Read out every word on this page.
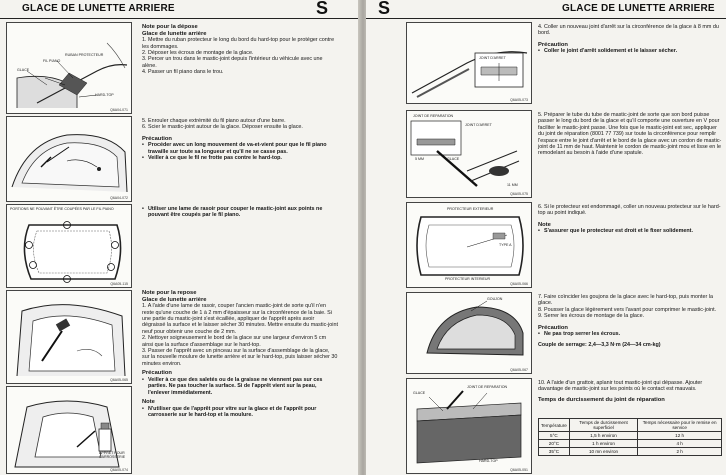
GLACE DE LUNETTE ARRIERE	S
RUBAN PROTECTEUR
FIL PIANO
GLACE
HARD-TOP
Q6A04-071
Note pour la dépose
Glace de lunette arrière
1. Mettre du ruban protecteur le long du bord du hard-top pour le protéger contre les dommages.
2. Déposer les écrous de montage de la glace.
3. Percer un trou dans le mastic-joint depuis l'intérieur du véhicule avec une alène.
4. Passer un fil piano dans le trou.
Q6A04-072
5. Enrouler chaque extrémité du fil piano autour d'une barre.
6. Scier le mastic-joint autour de la glace. Déposer ensuite la glace.
Précaution
• Procéder avec un long mouvement de va-et-vient pour que le fil piano travaille sur toute sa longueur et qu'il ne se casse pas.
• Veiller à ce que le fil ne frotte pas contre le hard-top.
PORTIONS NE POUVANT ÊTRE COUPÉES PAR LE FIL PIANO
Q6A05-115
• Utiliser une lame de rasoir pour couper le mastic-joint aux points ne pouvant être coupés par le fil piano.
Q6A05-065
Note pour la repose
Glace de lunette arrière
1. A l'aide d'une lame de rasoir, couper l'ancien mastic-joint de sorte qu'il n'en reste qu'une couche de 1 à 2 mm d'épaisseur sur la circonférence de la baie. Si une partie du mastic-joint s'est écaillée, appliquer de l'apprêt après avoir dégraissé la surface et le laisser sécher 30 minutes. Mettre ensuite du mastic-joint neuf pour obtenir une couche de 2 mm.
2. Nettoyer soigneusement le bord de la glace sur une largeur d'environ 5 cm ainsi que la surface d'assemblage sur le hard-top.
3. Passer de l'apprêt avec un pinceau sur la surface d'assemblage de la glace, sur la nouvelle moulure de lunette arrière et sur le hard-top, puis laisser sécher 30 minutes environ.
Précaution
• Veiller à ce que des saletés ou de la graisse ne viennent pas sur ces parties. Ne pas toucher la surface. Si de l'apprêt vient sur la peau, l'enlever immédiatement.
Note
• N'utiliser que de l'apprêt pour vitre sur la glace et de l'apprêt pour carrosserie sur le hard-top et la moulure.
APPRET POUR CARROSSERIE
Q6A05-074
S	GLACE DE LUNETTE ARRIERE
JOINT D'ARRET
Q6A05-073
4. Coller un nouveau joint d'arrêt sur la circonférence de la glace à 8 mm du bord.
Précaution
• Coller le joint d'arrêt solidement et le laisser sécher.
JOINT DE REPARATION
JOINT D'ARRET
GLACE
5 MM
11 MM
Q6A05-075
5. Préparer le tube du tube de mastic-joint de sorte que son bord puisse passer le long du bord de la glace et qu'il comporte une ouverture en V pour faciliter le mastic-joint passe. Une fois que le mastic-joint est sec, appliquer du joint de réparation (8001 77 739) sur toute la circonférence pour remplir l'espace entre le joint d'arrêt et le bord de la glace avec un cordon de mastic-joint de 11 mm de haut. Maintenir le cordon de mastic-joint mou et lisse en le remodelant au besoin à l'aide d'une spatule.
PROTECTEUR EXTERIEUR
TYPE A
PROTECTEUR INTERIEUR
Q6A05-066
6. Si le protecteur est endommagé, coller un nouveau protecteur sur le hard-top au point indiqué.
Note
• S'assurer que le protecteur est droit et le fixer solidement.
GOUJON
Q6A05-067
7. Faire coïncider les goujons de la glace avec le hard-top, puis monter la glace.
8. Pousser la glace légèrement vers l'avant pour comprimer le mastic-joint.
9. Serrer les écrous de montage de la glace.
Précaution
• Ne pas trop serrer les écrous.
Couple de serrage: 2,4—3,3 N·m (24—34 cm-kg)
GLACE
JOINT DE REPARATION
HARD-TOP
Q6A05-051
10. A l'aide d'un grattoir, aplanir tout mastic-joint qui dépasse. Ajouter davantage de mastic-joint sur les points où le contact est mauvais.
Temps de durcissement du joint de réparation
Température	Temps de durcissement superficiel	Temps nécessaire pour le remise en service
5°C	1,5 h environ	12 h
20°C	1 h environ	4 h
35°C	10 mn environ	2 h
